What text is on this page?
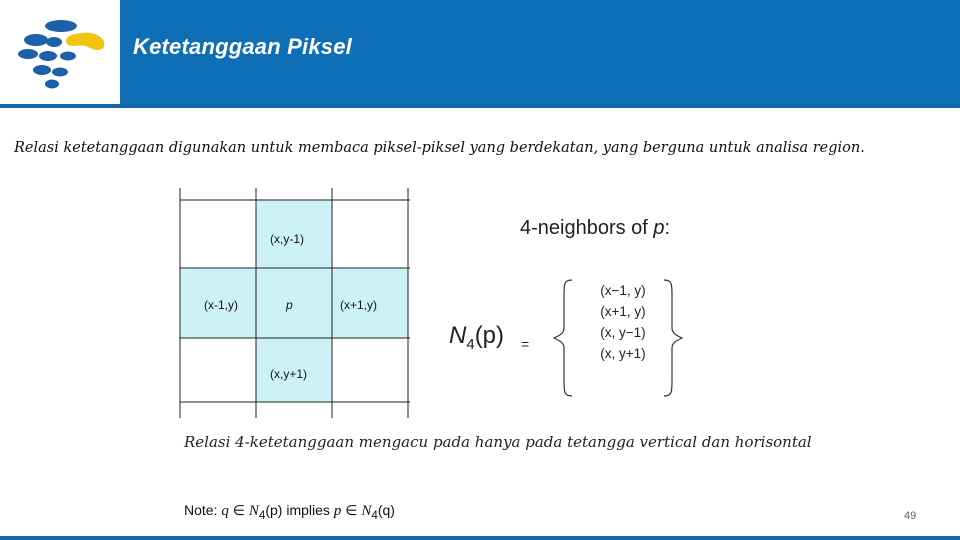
Ketetanggaan Piksel
Relasi ketetanggaan digunakan untuk membaca piksel-piksel yang berdekatan, yang berguna untuk analisa region.
(x,y-1)
(x-1,y)	p	(x+1,y)
(x,y+1)
4-neighbors of p:
$N_4(p)$ =
(x−1, y)
(x+1, y)
(x, y−1)
(x, y+1)
Relasi 4-ketetanggaan mengacu pada hanya pada tetangga vertical dan horisontal
Note: q ∈ $N_4(p)$ implies p ∈ $N_4(q)$	49
